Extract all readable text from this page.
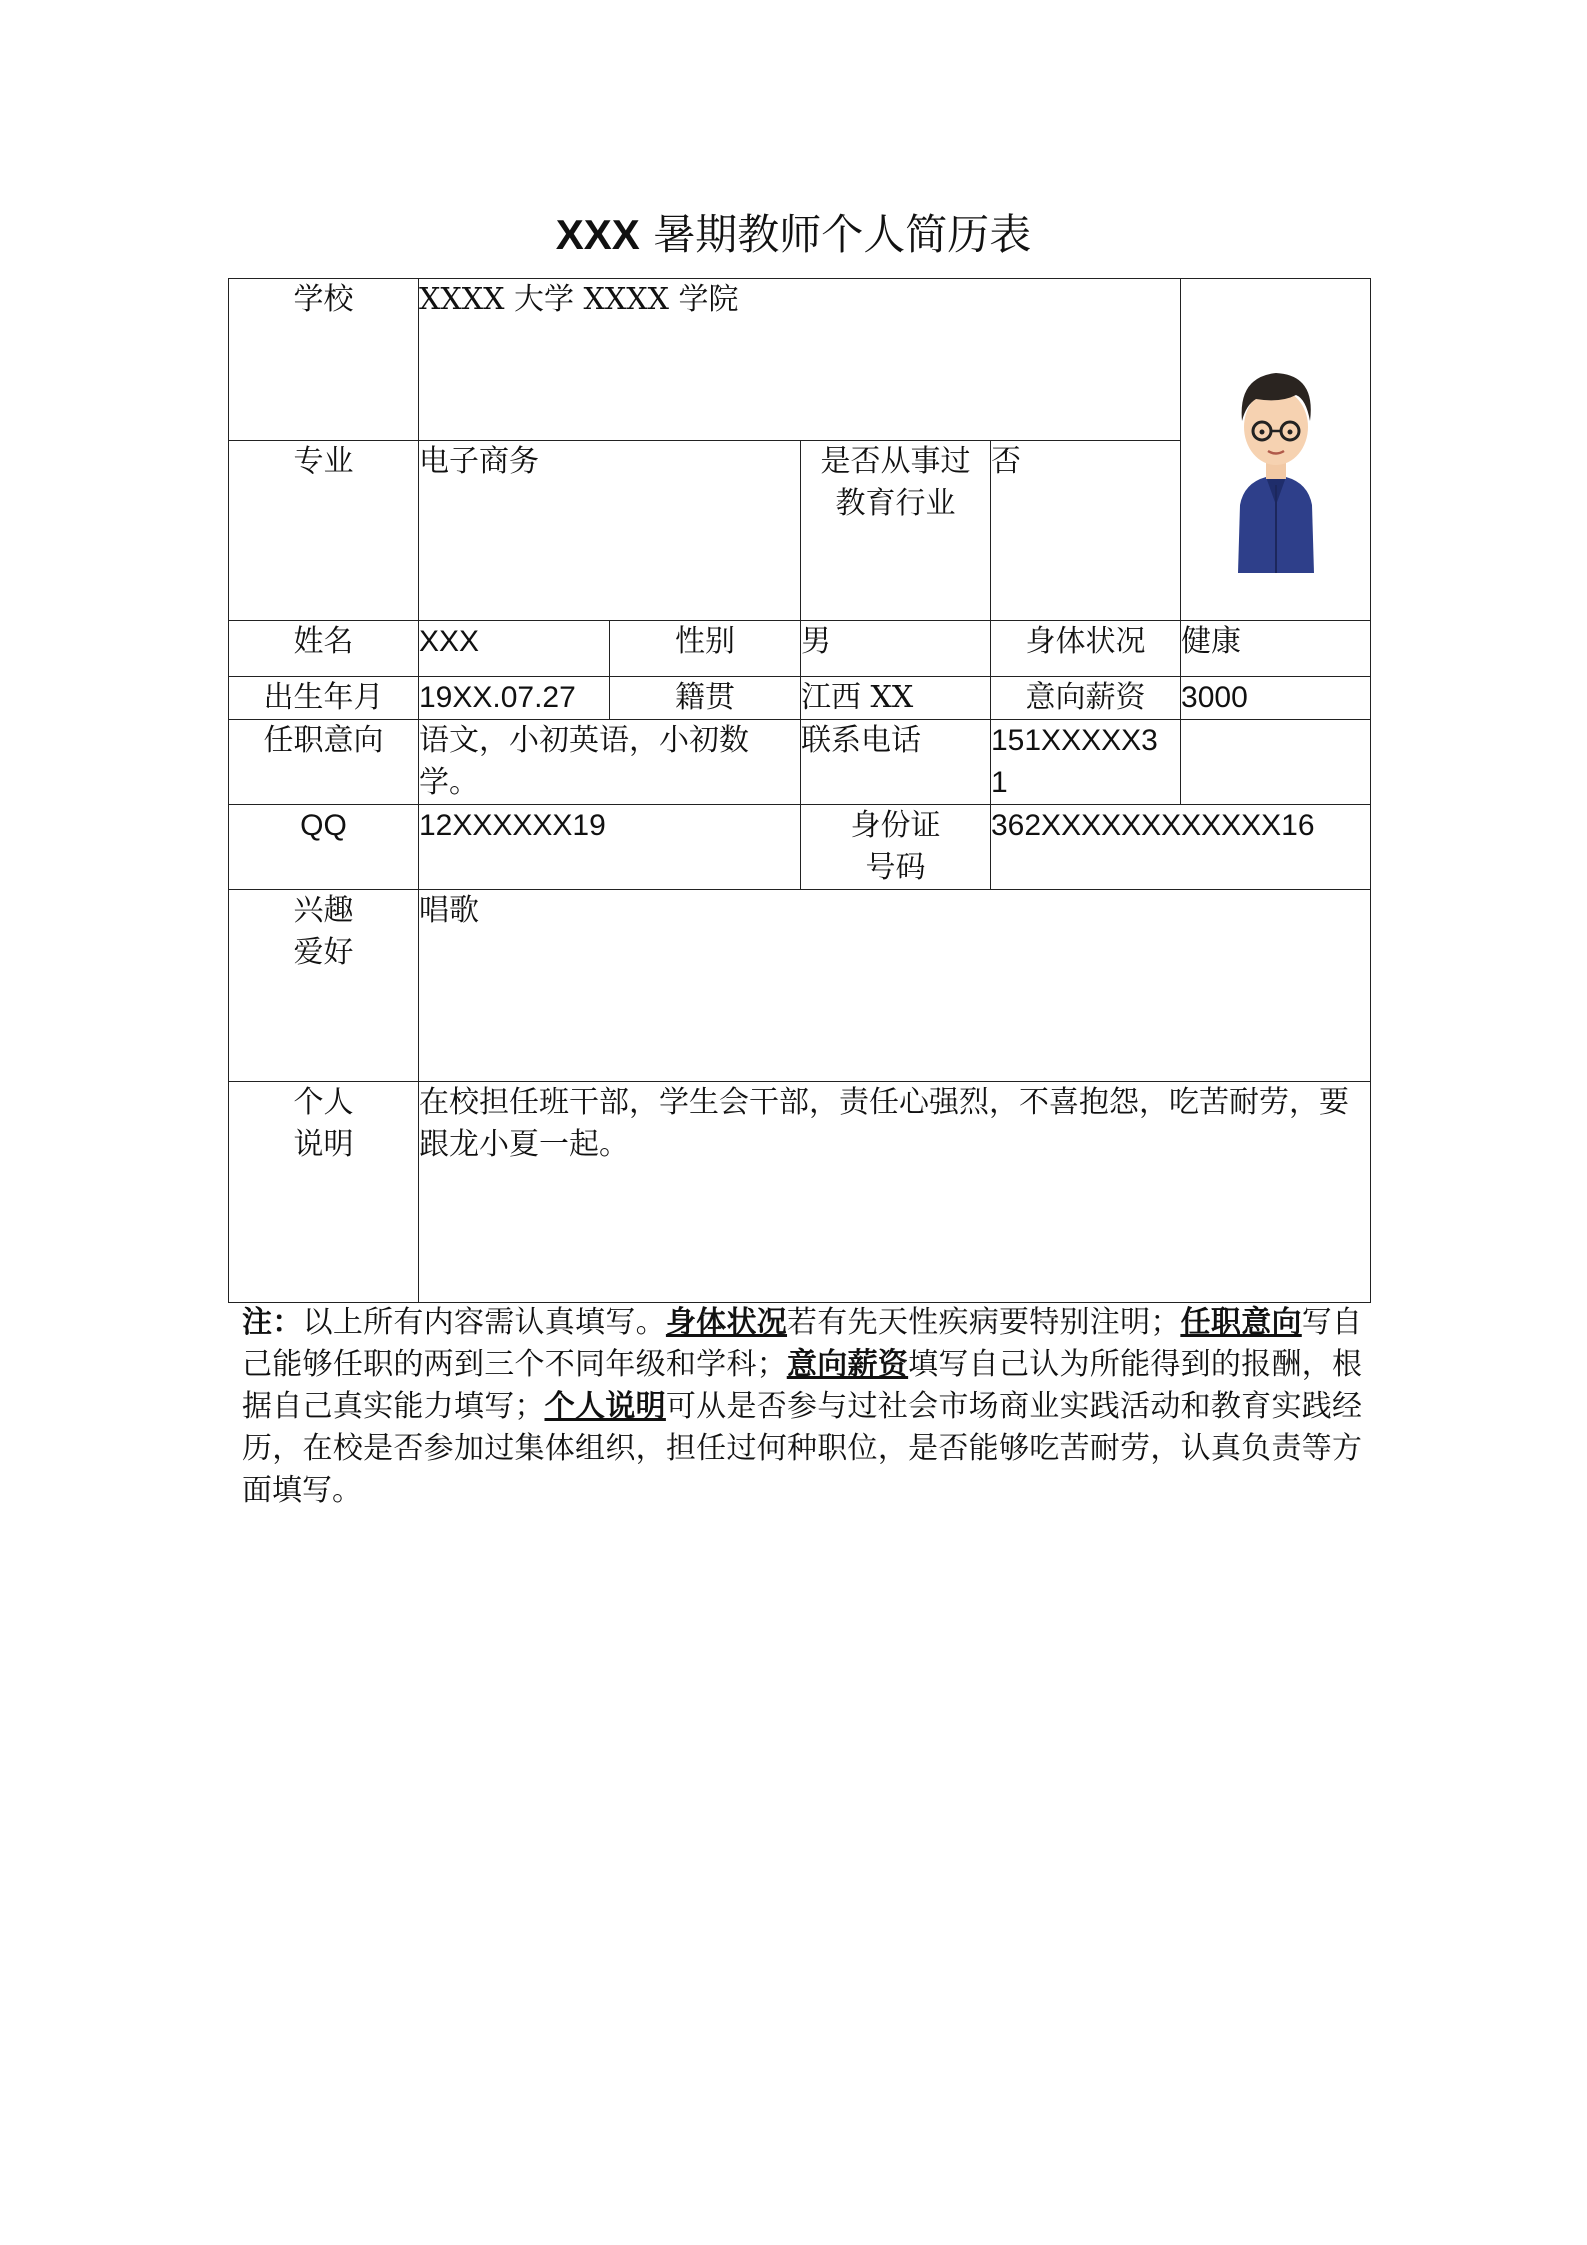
XXX 暑期教师个人简历表
学校	XXXX 大学 XXXX 学院	

专业	电子商务		是否从事过教育行业	否	
姓名	XXX	性别	男	身体状况	健康
出生年月	19XX.07.27	籍贯	江西 XX	意向薪资	3000
任职意向	语文，小初英语，小初数学。		联系电话	151XXXXX31	
QQ	12XXXXXX19		身份证号码	362XXXXXXXXXXXX16	
兴趣爱好	唱歌				
个人说明	在校担任班干部，学生会干部，责任心强烈，不喜抱怨，吃苦耐劳，要跟龙小夏一起。				
注：以上所有内容需认真填写。身体状况若有先天性疾病要特别注明；任职意向写自己能够任职的两到三个不同年级和学科；意向薪资填写自己认为所能得到的报酬，根据自己真实能力填写；个人说明可从是否参与过社会市场商业实践活动和教育实践经历，在校是否参加过集体组织，担任过何种职位，是否能够吃苦耐劳，认真负责等方面填写。
